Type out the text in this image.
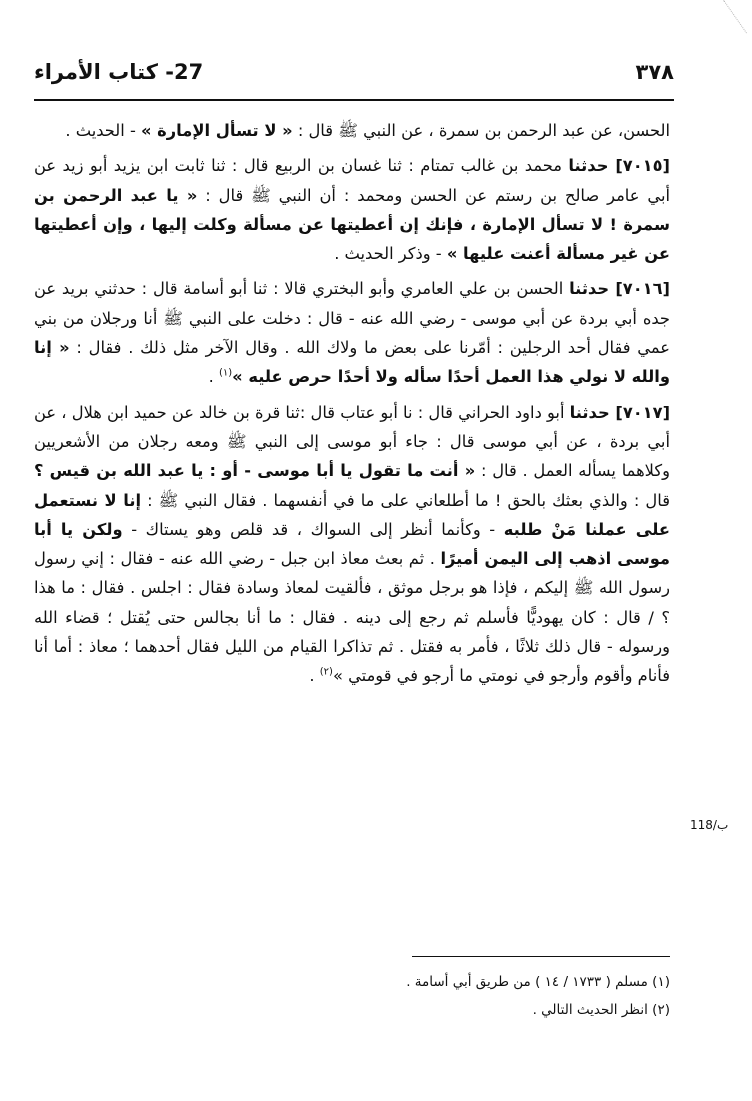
٣٧٨
27- كتاب الأمراء

الحسن، عن عبد الرحمن بن سمرة ، عن النبي ﷺ قال : « لا تسأل الإمارة » - الحديث .

[٧٠١٥] حدثنا محمد بن غالب تمتام : ثنا غسان بن الربيع قال : ثنا ثابت ابن يزيد أبو زيد عن أبي عامر صالح بن رستم عن الحسن ومحمد : أن النبي ﷺ قال : « يا عبد الرحمن بن سمرة ! لا تسأل الإمارة ، فإنك إن أعطيتها عن مسألة وكلت إليها ، وإن أعطيتها عن غير مسألة أعنت عليها » - وذكر الحديث .

[٧٠١٦] حدثنا الحسن بن علي العامري وأبو البختري قالا : ثنا أبو أسامة قال : حدثني بريد عن جده أبي بردة عن أبي موسى - رضي الله عنه - قال : دخلت على النبي ﷺ أنا ورجلان من بني عمي فقال أحد الرجلين : أمّرنا على بعض ما ولاك الله . وقال الآخر مثل ذلك . فقال : « إنا والله لا نولي هذا العمل أحدًا سأله ولا أحدًا حرص عليه »$^{(١)}$ .

[٧٠١٧] حدثنا أبو داود الحراني قال : نا أبو عتاب قال :ثنا قرة بن خالد عن حميد ابن هلال ، عن أبي بردة ، عن أبي موسى قال : جاء أبو موسى إلى النبي ﷺ ومعه رجلان من الأشعريين وكلاهما يسأله العمل . قال : « أنت ما تقول يا أبا موسى - أو : يا عبد الله بن قيس ؟ قال : والذي بعثك بالحق ! ما أطلعاني على ما في أنفسهما . فقال النبي ﷺ : إنا لا نستعمل على عملنا مَنْ طلبه - وكأنما أنظر إلى السواك ، قد قلص وهو يستاك - ولكن يا أبا موسى اذهب إلى اليمن أميرًا . ثم بعث معاذ ابن جبل - رضي الله عنه - فقال : إني رسول رسول الله ﷺ إليكم ، فإذا هو برجل موثق ، فألقيت لمعاذ وسادة فقال : اجلس . فقال : ما هذا ؟ / قال : كان يهوديًّا فأسلم ثم رجع إلى دينه . فقال : ما أنا بجالس حتى يُقتل ؛ قضاء الله ورسوله - قال ذلك ثلاثًا ، فأمر به فقتل . ثم تذاكرا القيام من الليل فقال أحدهما ؛ معاذ : أما أنا فأنام وأقوم وأرجو في نومتي ما أرجو في قومتي »$^{(٢)}$ .

118/ب
(١) مسلم ( ١٧٣٣ / ١٤ ) من طريق أبي أسامة .
(٢) انظر الحديث التالي .
